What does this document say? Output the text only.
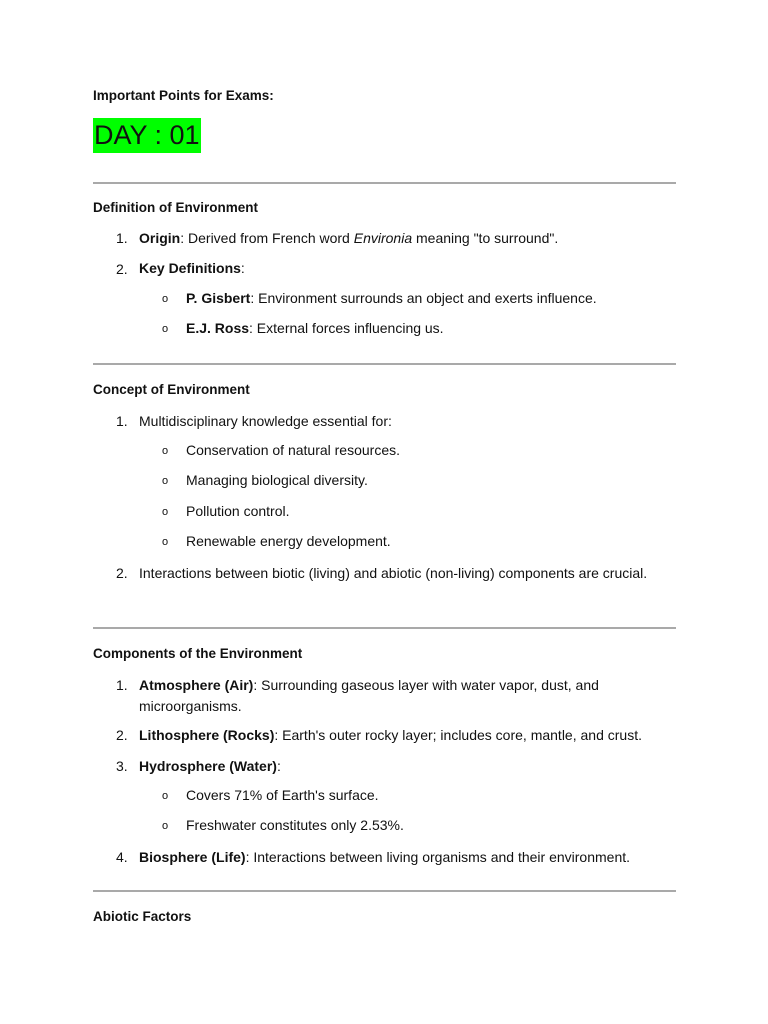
Important Points for Exams:
DAY : 01
Definition of Environment
1. Origin: Derived from French word Environia meaning "to surround".
2. Key Definitions:
o P. Gisbert: Environment surrounds an object and exerts influence.
o E.J. Ross: External forces influencing us.
Concept of Environment
1. Multidisciplinary knowledge essential for:
o Conservation of natural resources.
o Managing biological diversity.
o Pollution control.
o Renewable energy development.
2. Interactions between biotic (living) and abiotic (non-living) components are crucial.
Components of the Environment
1. Atmosphere (Air): Surrounding gaseous layer with water vapor, dust, and microorganisms.
2. Lithosphere (Rocks): Earth's outer rocky layer; includes core, mantle, and crust.
3. Hydrosphere (Water):
o Covers 71% of Earth's surface.
o Freshwater constitutes only 2.53%.
4. Biosphere (Life): Interactions between living organisms and their environment.
Abiotic Factors
